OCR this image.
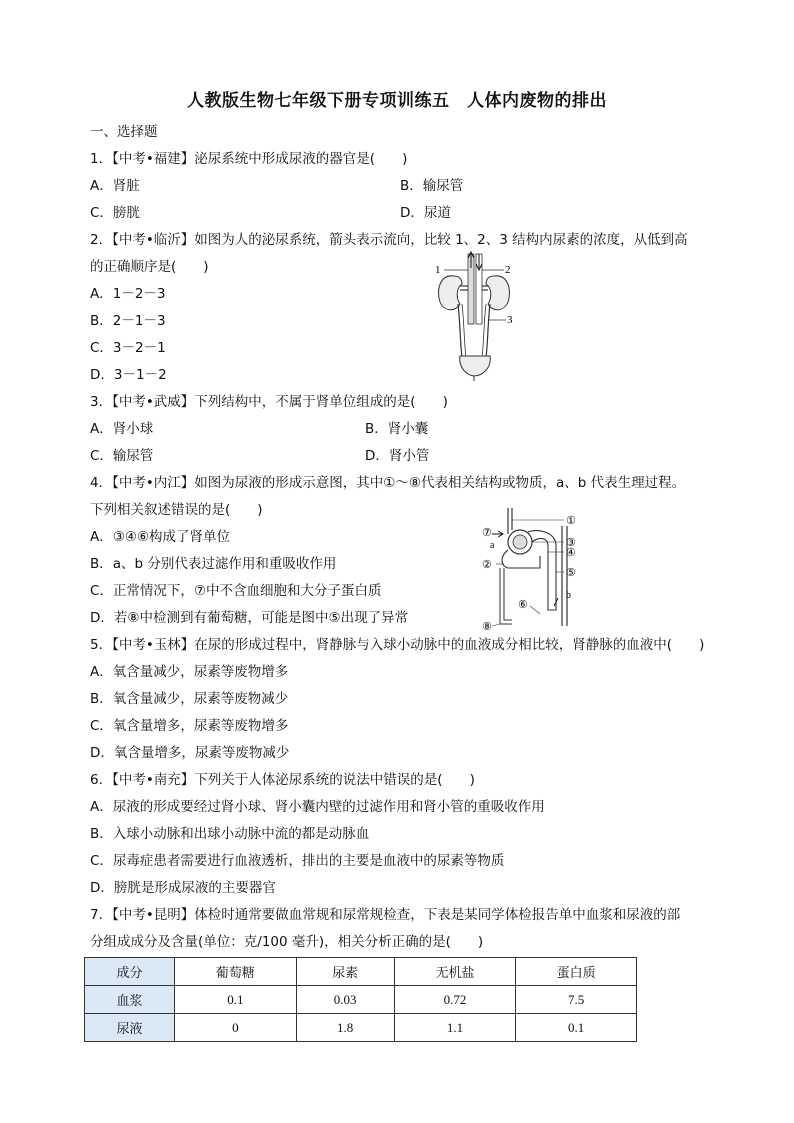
人教版生物七年级下册专项训练五　人体内废物的排出
一、选择题
1．【中考•福建】泌尿系统中形成尿液的器官是(　　)
A．肾脏	B．输尿管
C．膀胱	D．尿道
2．【中考•临沂】如图为人的泌尿系统，箭头表示流向，比较 1、2、3 结构内尿素的浓度，从低到高
的正确顺序是(　　)
A．1－2－3
B．2－1－3
C．3－2－1
D．3－1－2
1	2
3
3．【中考•武威】下列结构中，不属于肾单位组成的是(　　)
A．肾小球	B．肾小囊
C．输尿管	D．肾小管
4．【中考•内江】如图为尿液的形成示意图，其中①～⑧代表相关结构或物质，a、b 代表生理过程。
下列相关叙述错误的是(　　)
A．③④⑥构成了肾单位
B．a、b 分别代表过滤作用和重吸收作用
C．正常情况下，⑦中不含血细胞和大分子蛋白质
D．若⑧中检测到有葡萄糖，可能是图中⑤出现了异常
①
②
③
④
⑤
⑥
⑦
⑧
a
b
5．【中考•玉林】在尿的形成过程中，肾静脉与入球小动脉中的血液成分相比较，肾静脉的血液中(　　)
A．氧含量减少，尿素等废物增多
B．氧含量减少，尿素等废物减少
C．氧含量增多，尿素等废物增多
D．氧含量增多，尿素等废物减少
6．【中考•南充】下列关于人体泌尿系统的说法中错误的是(　　)
A．尿液的形成要经过肾小球、肾小囊内壁的过滤作用和肾小管的重吸收作用
B．入球小动脉和出球小动脉中流的都是动脉血
C．尿毒症患者需要进行血液透析，排出的主要是血液中的尿素等物质
D．膀胱是形成尿液的主要器官
7．【中考•昆明】体检时通常要做血常规和尿常规检查，下表是某同学体检报告单中血浆和尿液的部
分组成成分及含量(单位：克/100 毫升)，相关分析正确的是(　　)
成分	葡萄糖	尿素	无机盐	蛋白质
血浆	0.1	0.03	0.72	7.5
尿液	0	1.8	1.1	0.1
